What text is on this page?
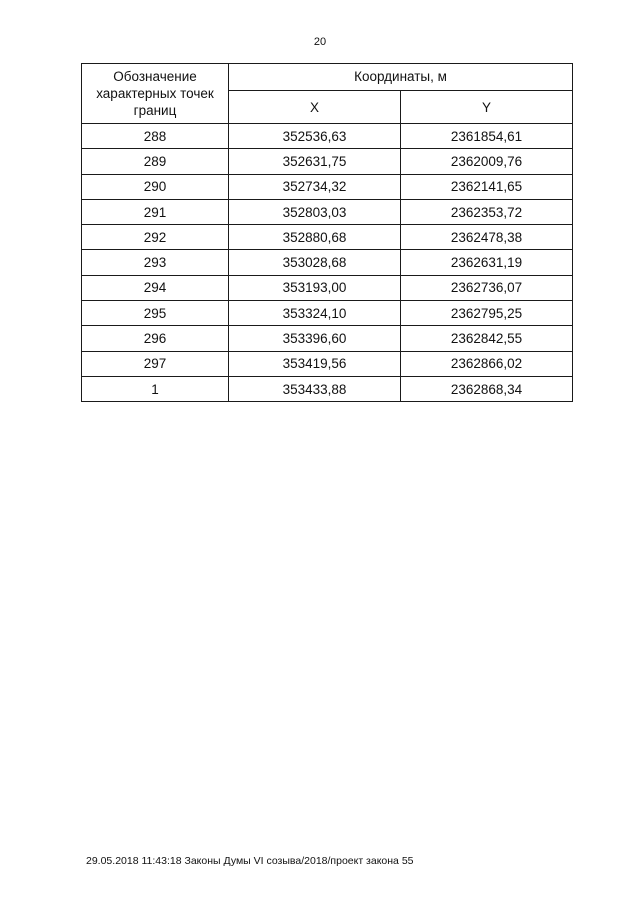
20
Обозначение характерных точек границ	Координаты, м	
	X	Y
288	352536,63	2361854,61
289	352631,75	2362009,76
290	352734,32	2362141,65
291	352803,03	2362353,72
292	352880,68	2362478,38
293	353028,68	2362631,19
294	353193,00	2362736,07
295	353324,10	2362795,25
296	353396,60	2362842,55
297	353419,56	2362866,02
1	353433,88	2362868,34
29.05.2018 11:43:18 Законы Думы VI созыва/2018/проект закона 55
